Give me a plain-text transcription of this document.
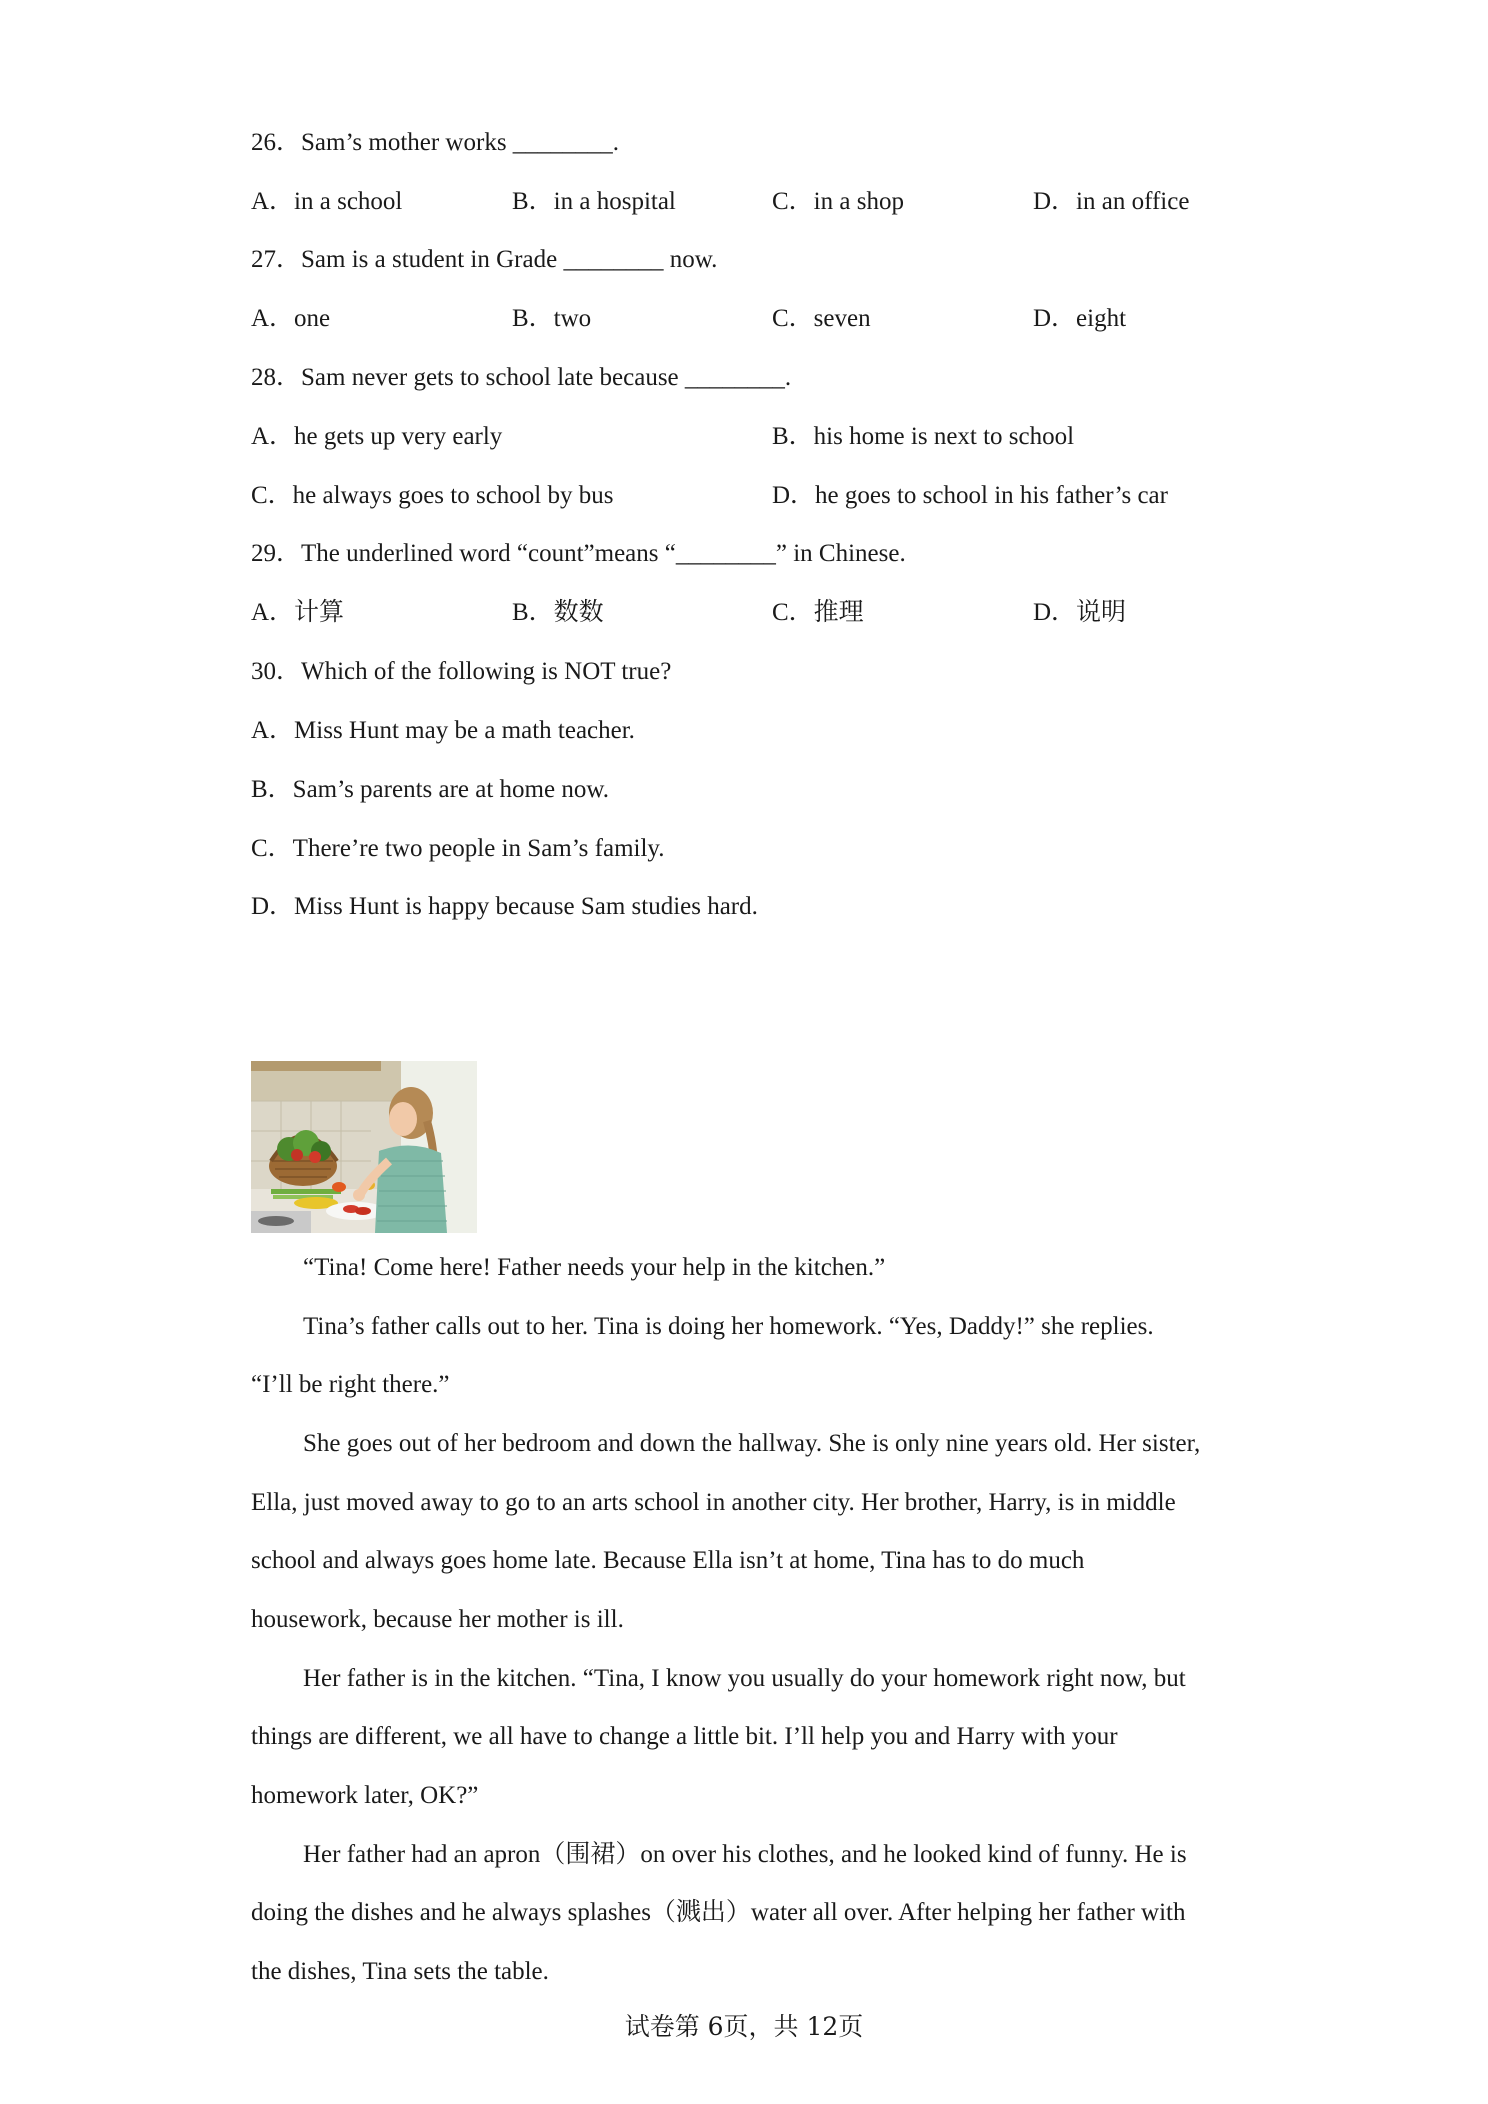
26．Sam’s mother works ________.
A．in a school	B．in a hospital	C．in a shop	D．in an office
27．Sam is a student in Grade ________ now.
A．one	B．two	C．seven	D．eight
28．Sam never gets to school late because ________.
A．he gets up very early	B．his home is next to school
C．he always goes to school by bus	D．he goes to school in his father’s car
29．The underlined word “count”means “________” in Chinese.
A．计算	B．数数	C．推理	D．说明
30．Which of the following is NOT true?
A．Miss Hunt may be a math teacher.
B．Sam’s parents are at home now.
C．There’re two people in Sam’s family.
D．Miss Hunt is happy because Sam studies hard.
“Tina! Come here! Father needs your help in the kitchen.”
Tina’s father calls out to her. Tina is doing her homework. “Yes, Daddy!” she replies.
“I’ll be right there.”
She goes out of her bedroom and down the hallway. She is only nine years old. Her sister,
Ella, just moved away to go to an arts school in another city. Her brother, Harry, is in middle
school and always goes home late. Because Ella isn’t at home, Tina has to do much
housework, because her mother is ill.
Her father is in the kitchen. “Tina, I know you usually do your homework right now, but
things are different, we all have to change a little bit. I’ll help you and Harry with your
homework later, OK?”
Her father had an apron（围裙）on over his clothes, and he looked kind of funny. He is
doing the dishes and he always splashes（溅出）water all over. After helping her father with
the dishes, Tina sets the table.
试卷第 6页，共 12页
